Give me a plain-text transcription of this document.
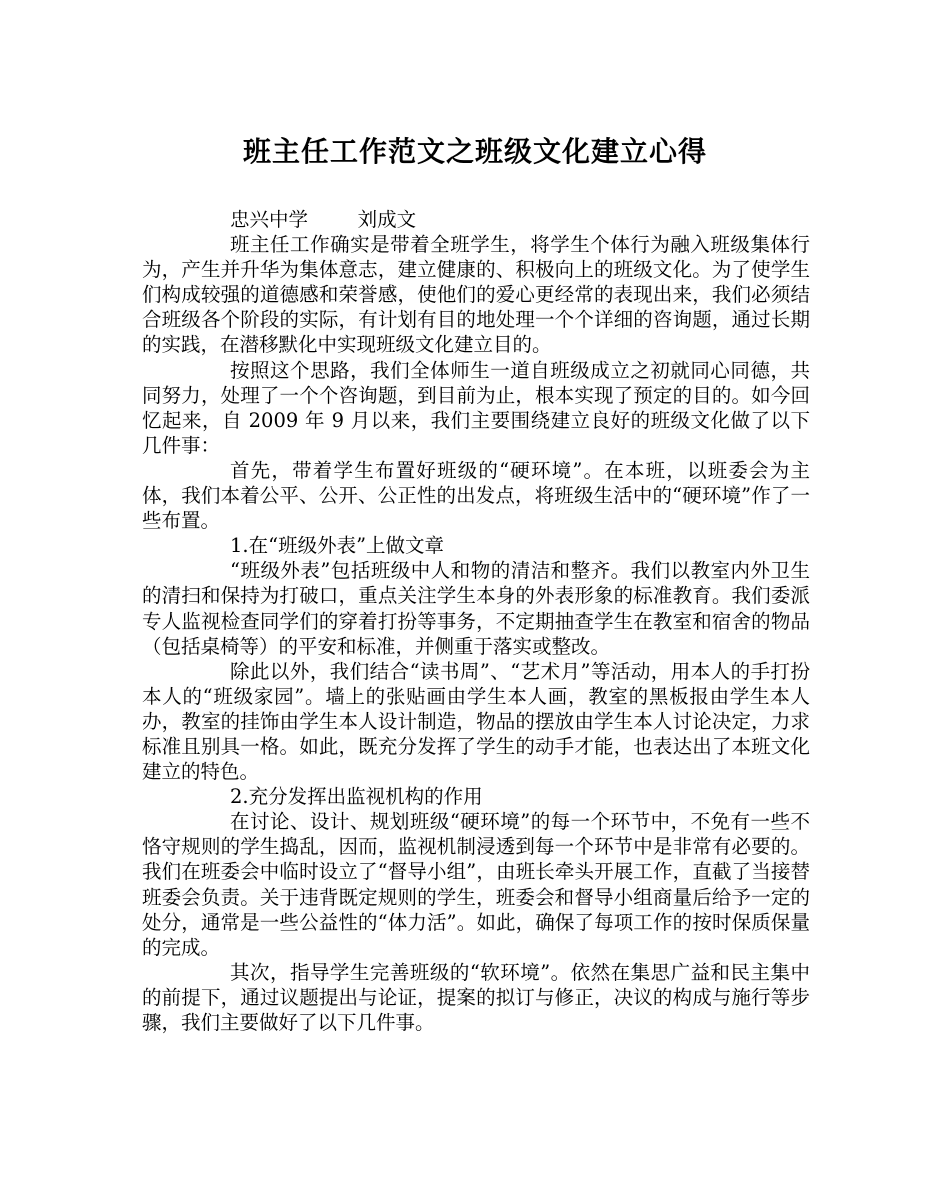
班主任工作范文之班级文化建立心得
忠兴中学        刘成文

班主任工作确实是带着全班学生，将学生个体行为融入班级集体行为，产生并升华为集体意志，建立健康的、积极向上的班级文化。为了使学生们构成较强的道德感和荣誉感，使他们的爱心更经常的表现出来，我们必须结合班级各个阶段的实际，有计划有目的地处理一个个详细的咨询题，通过长期的实践，在潜移默化中实现班级文化建立目的。

按照这个思路，我们全体师生一道自班级成立之初就同心同德，共同努力，处理了一个个咨询题，到目前为止，根本实现了预定的目的。如今回忆起来，自 2009 年 9 月以来，我们主要围绕建立良好的班级文化做了以下几件事：

首先，带着学生布置好班级的“硬环境”。在本班，以班委会为主体，我们本着公平、公开、公正性的出发点，将班级生活中的“硬环境”作了一些布置。

1.在“班级外表”上做文章

“班级外表”包括班级中人和物的清洁和整齐。我们以教室内外卫生的清扫和保持为打破口，重点关注学生本身的外表形象的标准教育。我们委派专人监视检查同学们的穿着打扮等事务，不定期抽查学生在教室和宿舍的物品（包括桌椅等）的平安和标准，并侧重于落实或整改。

除此以外，我们结合“读书周”、“艺术月”等活动，用本人的手打扮本人的“班级家园”。墙上的张贴画由学生本人画，教室的黑板报由学生本人办，教室的挂饰由学生本人设计制造，物品的摆放由学生本人讨论决定，力求标准且别具一格。如此，既充分发挥了学生的动手才能，也表达出了本班文化建立的特色。

2.充分发挥出监视机构的作用

在讨论、设计、规划班级“硬环境”的每一个环节中，不免有一些不恪守规则的学生捣乱，因而，监视机制浸透到每一个环节中是非常有必要的。我们在班委会中临时设立了“督导小组”，由班长牵头开展工作，直截了当接替班委会负责。关于违背既定规则的学生，班委会和督导小组商量后给予一定的处分，通常是一些公益性的“体力活”。如此，确保了每项工作的按时保质保量的完成。

其次，指导学生完善班级的“软环境”。依然在集思广益和民主集中的前提下，通过议题提出与论证，提案的拟订与修正，决议的构成与施行等步骤，我们主要做好了以下几件事。
